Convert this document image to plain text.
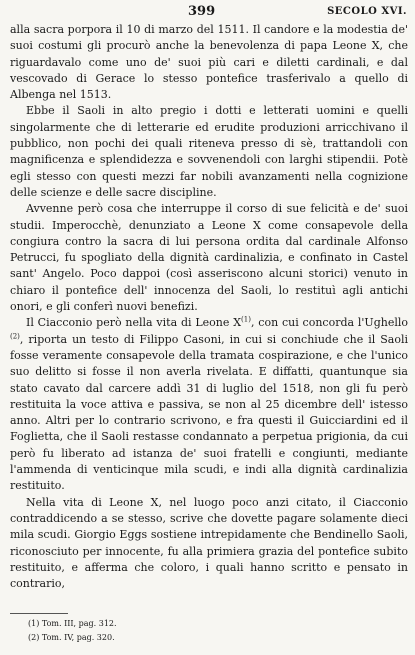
399	SECOLO XVI.

alla sacra porpora il 10 di marzo del 1511. Il candore e la modestia de' suoi costumi gli procurò anche la benevolenza di papa Leone X, che riguardavalo come uno de' suoi più cari e diletti cardinali, e dal vescovado di Gerace lo stesso pontefice trasferivalo a quello di Albenga nel 1513.

Ebbe il Saoli in alto pregio i dotti e letterati uomini e quelli singolarmente che di letterarie ed erudite produzioni arricchivano il pubblico, non pochi dei quali riteneva presso di sè, trattandoli con magnificenza e splendidezza e sovvenendoli con larghi stipendii. Potè egli stesso con questi mezzi far nobili avanzamenti nella cognizione delle scienze e delle sacre discipline.

Avvenne però cosa che interruppe il corso di sue felicità e de' suoi studii. Imperocchè, denunziato a Leone X come consapevole della congiura contro la sacra di lui persona ordita dal cardinale Alfonso Petrucci, fu spogliato della dignità cardinalizia, e confinato in Castel sant' Angelo. Poco dappoi (così asseriscono alcuni storici) venuto in chiaro il pontefice dell' innocenza del Saoli, lo restituì agli antichi onori, e gli conferì nuovi benefizi.

Il Ciacconio però nella vita di Leone $X^{(1)}$, con cui concorda l'Ughello $^{(2)}$, riporta un testo di Filippo Casoni, in cui si conchiude che il Saoli fosse veramente consapevole della tramata cospirazione, e che l'unico suo delitto si fosse il non averla rivelata. E diffatti, quantunque sia stato cavato dal carcere addì 31 di luglio del 1518, non gli fu però restituita la voce attiva e passiva, se non al 25 dicembre dell' istesso anno. Altri per lo contrario scrivono, e fra questi il Guicciardini ed il Foglietta, che il Saoli restasse condannato a perpetua prigionia, da cui però fu liberato ad istanza de' suoi fratelli e congiunti, mediante l'ammenda di venticinque mila scudi, e indi alla dignità cardinalizia restituito.

Nella vita di Leone X, nel luogo poco anzi citato, il Ciacconio contraddicendo a se stesso, scrive che dovette pagare solamente dieci mila scudi. Giorgio Eggs sostiene intrepidamente che Bendinello Saoli, riconosciuto per innocente, fu alla primiera grazia del pontefice subito restituito, e afferma che coloro, i quali hanno scritto e pensato in contrario,

(1) Tom. III, pag. 312.
(2) Tom. IV, pag. 320.
